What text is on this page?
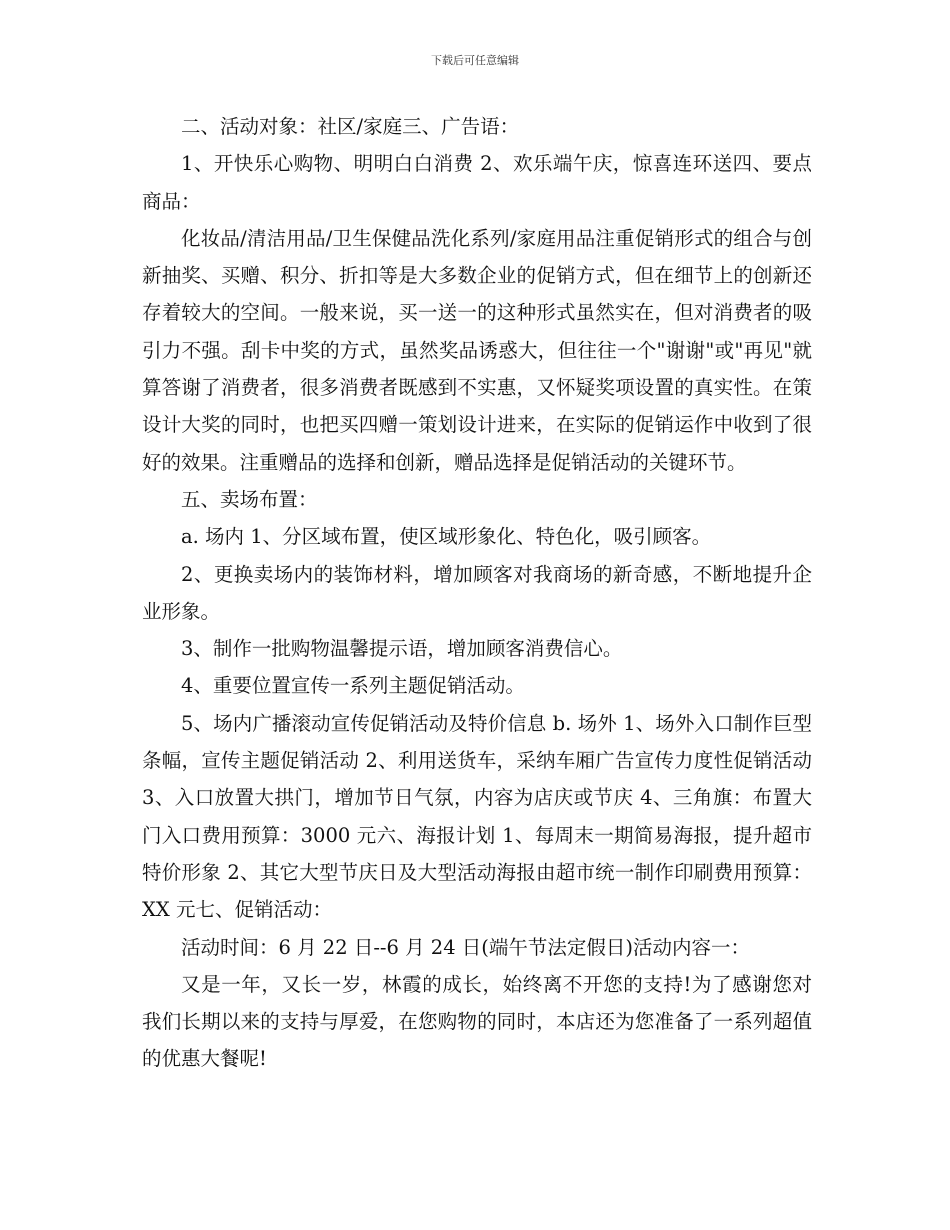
下载后可任意编辑

二、活动对象：社区/家庭三、广告语：

1、开快乐心购物、明明白白消费 2、欢乐端午庆，惊喜连环送四、要点商品：

化妆品/清洁用品/卫生保健品洗化系列/家庭用品注重促销形式的组合与创新抽奖、买赠、积分、折扣等是大多数企业的促销方式，但在细节上的创新还存着较大的空间。一般来说，买一送一的这种形式虽然实在，但对消费者的吸引力不强。刮卡中奖的方式，虽然奖品诱惑大，但往往一个"谢谢"或"再见"就算答谢了消费者，很多消费者既感到不实惠，又怀疑奖项设置的真实性。在策设计大奖的同时，也把买四赠一策划设计进来，在实际的促销运作中收到了很好的效果。注重赠品的选择和创新，赠品选择是促销活动的关键环节。

五、卖场布置：

a. 场内 1、分区域布置，使区域形象化、特色化，吸引顾客。

2、更换卖场内的装饰材料，增加顾客对我商场的新奇感，不断地提升企业形象。

3、制作一批购物温馨提示语，增加顾客消费信心。

4、重要位置宣传一系列主题促销活动。

5、场内广播滚动宣传促销活动及特价信息 b. 场外 1、场外入口制作巨型条幅，宣传主题促销活动 2、利用送货车，采纳车厢广告宣传力度性促销活动 3、入口放置大拱门，增加节日气氛，内容为店庆或节庆 4、三角旗：布置大门入口费用预算：3000 元六、海报计划 1、每周末一期简易海报，提升超市特价形象 2、其它大型节庆日及大型活动海报由超市统一制作印刷费用预算：XX 元七、促销活动：

活动时间：6 月 22 日--6 月 24 日(端午节法定假日)活动内容一：

又是一年，又长一岁，林霞的成长，始终离不开您的支持!为了感谢您对我们长期以来的支持与厚爱，在您购物的同时，本店还为您准备了一系列超值的优惠大餐呢!
